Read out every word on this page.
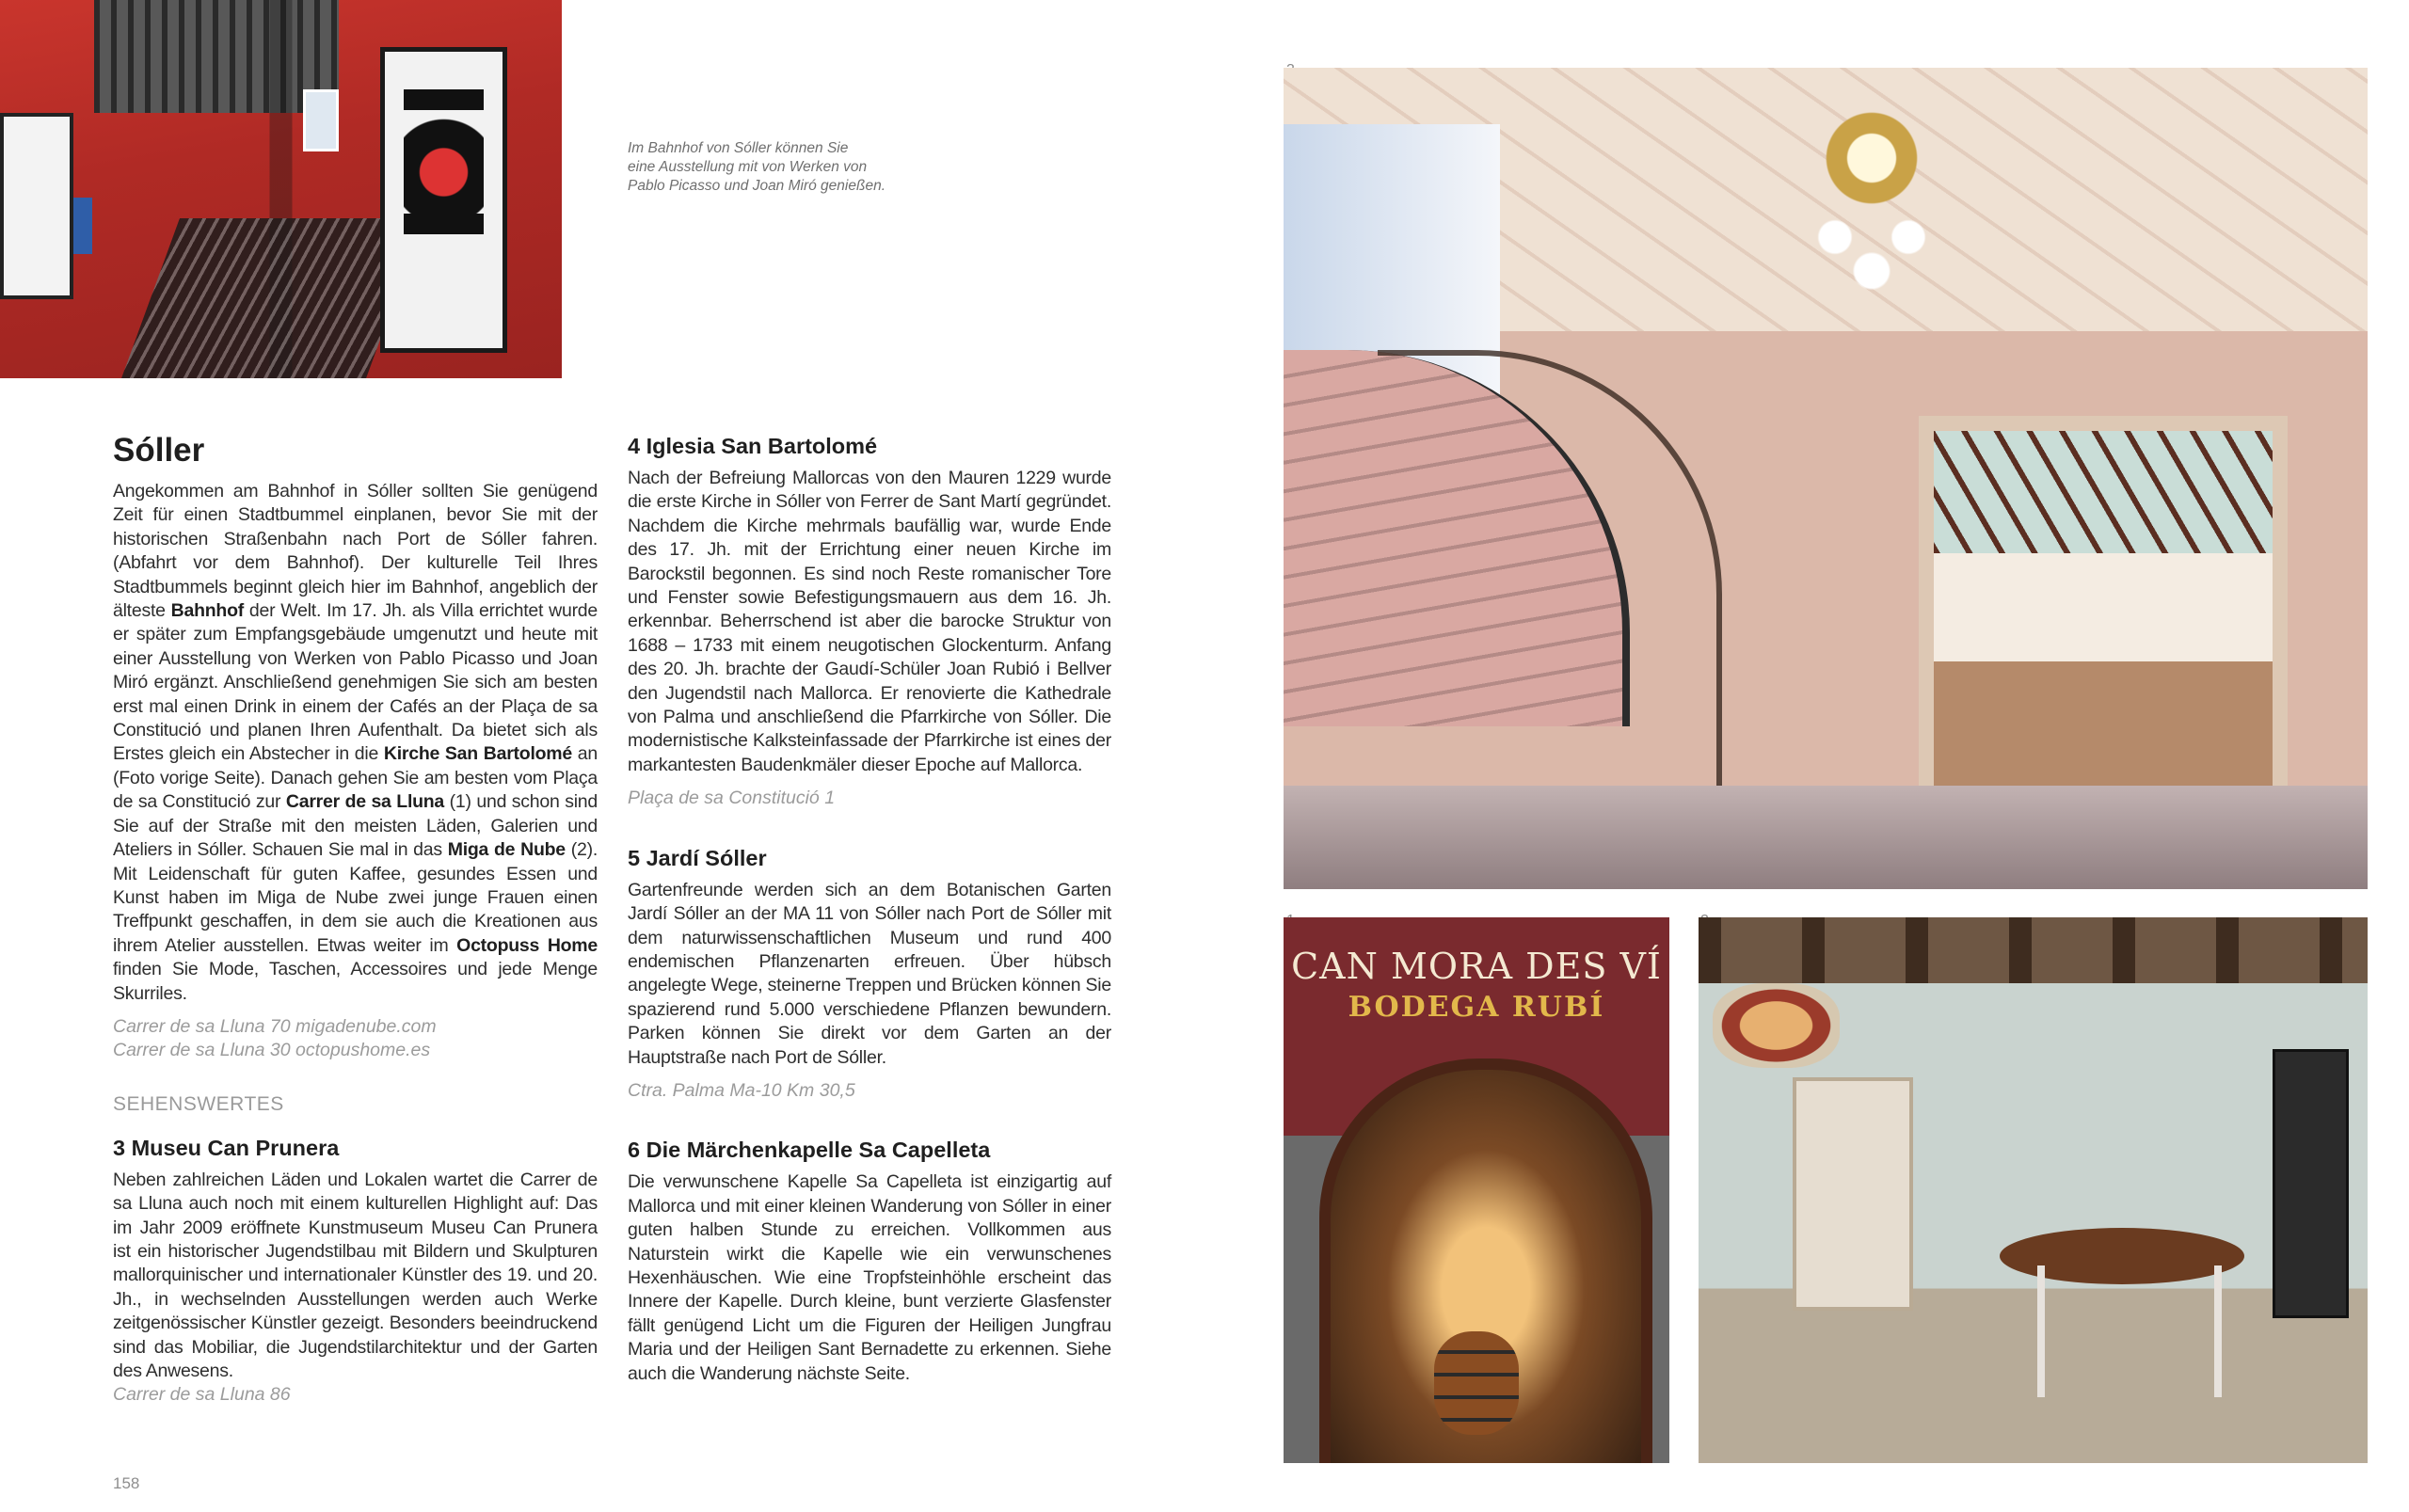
Im Bahnhof von Sóller können Sie
eine Ausstellung mit von Werken von
Pablo Picasso und Joan Miró genießen.
CAN MORA DES VÍ
BODEGA RUBÍ
Sóller

Angekommen am Bahnhof in Sóller sollten Sie genügend Zeit für einen Stadtbummel einplanen, bevor Sie mit der historischen Straßenbahn nach Port de Sóller fahren. (Abfahrt vor dem Bahnhof). Der kulturelle Teil Ihres Stadtbummels beginnt gleich hier im Bahnhof, angeblich der älteste Bahnhof der Welt. Im 17. Jh. als Villa errichtet wurde er später zum Empfangsgebäude umgenutzt und heute mit einer Ausstellung von Werken von Pablo Picasso und Joan Miró ergänzt. Anschließend genehmigen Sie sich am besten erst mal einen Drink in einem der Cafés an der Plaça de sa Constitució und planen Ihren Aufenthalt. Da bietet sich als Erstes gleich ein Abstecher in die Kirche San Bartolomé an (Foto vorige Seite). Danach gehen Sie am besten vom Plaça de sa Constitució zur Carrer de sa Lluna (1) und schon sind Sie auf der Straße mit den meisten Läden, Galerien und Ateliers in Sóller. Schauen Sie mal in das Miga de Nube (2). Mit Leidenschaft für guten Kaffee, gesundes Essen und Kunst haben im Miga de Nube zwei junge Frauen einen Treffpunkt geschaffen, in dem sie auch die Kreationen aus ihrem Atelier ausstellen. Etwas weiter im Octopuss Home finden Sie Mode, Taschen, Accessoires und jede Menge Skurriles.

Carrer de sa Lluna 70 migadenube.com

Carrer de sa Lluna 30 octopushome.es

SEHENSWERTES
3 Museu Can Prunera

Neben zahlreichen Läden und Lokalen wartet die Carrer de sa Lluna auch noch mit einem kulturellen Highlight auf: Das im Jahr 2009 eröffnete Kunstmuseum Museu Can Prunera ist ein historischer Jugendstilbau mit Bildern und Skulpturen mallorquinischer und internationaler Künstler des 19. und 20. Jh., in wechselnden Ausstellungen werden auch Werke zeitgenössischer Künstler gezeigt. Besonders beeindruckend sind das Mobiliar, die Jugendstilarchitektur und der Garten des Anwesens.

Carrer de sa Lluna 86

4 Iglesia San Bartolomé

Nach der Befreiung Mallorcas von den Mauren 1229 wurde die erste Kirche in Sóller von Ferrer de Sant Martí gegründet. Nachdem die Kirche mehrmals baufällig war, wurde Ende des 17. Jh. mit der Errichtung einer neuen Kirche im Barockstil begonnen. Es sind noch Reste romanischer Tore und Fenster sowie Befestigungsmauern aus dem 16. Jh. erkennbar. Beherrschend ist aber die barocke Struktur von 1688 – 1733 mit einem neugotischen Glockenturm. Anfang des 20. Jh. brachte der Gaudí-Schüler Joan Rubió i Bellver den Jugendstil nach Mallorca. Er renovierte die Kathedrale von Palma und anschließend die Pfarrkirche von Sóller. Die modernistische Kalksteinfassade der Pfarrkirche ist eines der markantesten Baudenkmäler dieser Epoche auf Mallorca.

Plaça de sa Constitució 1

5 Jardí Sóller

Gartenfreunde werden sich an dem Botanischen Garten Jardí Sóller an der MA 11 von Sóller nach Port de Sóller mit dem naturwissenschaftlichen Museum und rund 400 endemischen Pflanzenarten erfreuen. Über hübsch angelegte Wege, steinerne Treppen und Brücken können Sie spazierend rund 5.000 verschiedene Pflanzen bewundern. Parken können Sie direkt vor dem Garten an der Hauptstraße nach Port de Sóller.

Ctra. Palma Ma-10 Km 30,5

6 Die Märchenkapelle Sa Capelleta

Die verwunschene Kapelle Sa Capelleta ist einzigartig auf Mallorca und mit einer kleinen Wanderung von Sóller in einer guten halben Stunde zu erreichen. Vollkommen aus Naturstein wirkt die Kapelle wie ein verwunschenes Hexenhäuschen. Wie eine Tropfsteinhöhle erscheint das Innere der Kapelle. Durch kleine, bunt verzierte Glasfenster fällt genügend Licht um die Figuren der Heiligen Jungfrau Maria und der Heiligen Sant Bernadette zu erkennen. Siehe auch die Wanderung nächste Seite.

158
